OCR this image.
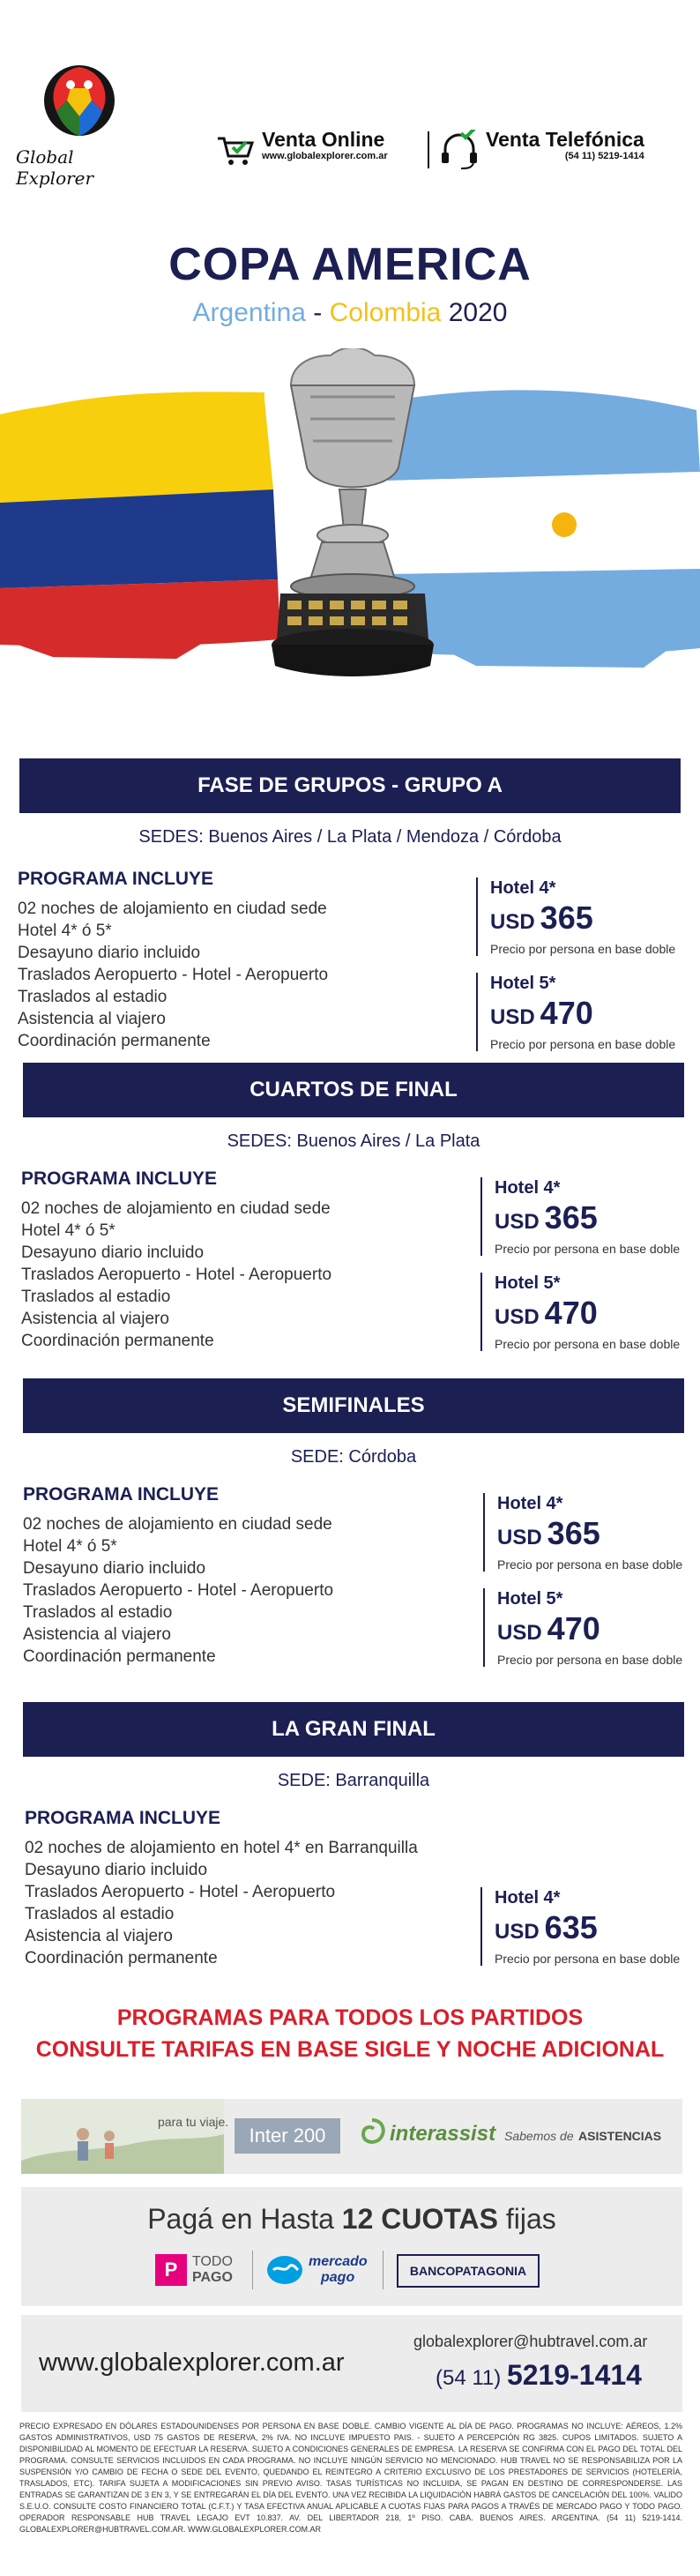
Global Explorer
Venta Online
www.globalexplorer.com.ar
Venta Telefónica
(54 11) 5219-1414
COPA AMERICA
Argentina - Colombia 2020
FASE DE GRUPOS - GRUPO A
SEDES: Buenos Aires / La Plata / Mendoza / Córdoba
PROGRAMA INCLUYE
02 noches de alojamiento en ciudad sede
Hotel 4* ó 5*
Desayuno diario incluido
Traslados Aeropuerto - Hotel - Aeropuerto
Traslados al estadio
Asistencia al viajero
Coordinación permanente
Hotel 4*
USD 365
Precio por persona en base doble
Hotel 5*
USD 470
Precio por persona en base doble
CUARTOS DE FINAL
SEDES: Buenos Aires / La Plata
PROGRAMA INCLUYE
02 noches de alojamiento en ciudad sede
Hotel 4* ó 5*
Desayuno diario incluido
Traslados Aeropuerto - Hotel - Aeropuerto
Traslados al estadio
Asistencia al viajero
Coordinación permanente
Hotel 4*
USD 365
Precio por persona en base doble
Hotel 5*
USD 470
Precio por persona en base doble
SEMIFINALES
SEDE: Córdoba
PROGRAMA INCLUYE
02 noches de alojamiento en ciudad sede
Hotel 4* ó 5*
Desayuno diario incluido
Traslados Aeropuerto - Hotel - Aeropuerto
Traslados al estadio
Asistencia al viajero
Coordinación permanente
Hotel 4*
USD 365
Precio por persona en base doble
Hotel 5*
USD 470
Precio por persona en base doble
LA GRAN FINAL
SEDE: Barranquilla
PROGRAMA INCLUYE
02 noches de alojamiento en hotel 4* en Barranquilla
Desayuno diario incluido
Traslados Aeropuerto - Hotel - Aeropuerto
Traslados al estadio
Asistencia al viajero
Coordinación permanente
Hotel 4*
USD 635
Precio por persona en base doble
PROGRAMAS PARA TODOS LOS PARTIDOS
CONSULTE TARIFAS EN BASE SIGLE Y NOCHE ADICIONAL
para tu viaje.
Inter 200	interassist Sabemos de ASISTENCIAS
Pagá en Hasta 12 CUOTAS fijas
P	TODO
PAGO
mercado
pago	BANCOPATAGONIA
www.globalexplorer.com.ar
globalexplorer@hubtravel.com.ar
(54 11) 5219-1414
PRECIO EXPRESADO EN DÓLARES ESTADOUNIDENSES POR PERSONA EN BASE DOBLE. CAMBIO VIGENTE AL DÍA DE PAGO. PROGRAMAS NO INCLUYE: AÉREOS, 1.2% GASTOS ADMINISTRATIVOS, USD 75 GASTOS DE RESERVA, 2% IVA. NO INCLUYE IMPUESTO PAIS. - SUJETO A PERCEPCIÓN RG 3825. CUPOS LIMITADOS. SUJETO A DISPONIBILIDAD AL MOMENTO DE EFECTUAR LA RESERVA. SUJETO A CONDICIONES GENERALES DE EMPRESA. LA RESERVA SE CONFIRMA CON EL PAGO DEL TOTAL DEL PROGRAMA. CONSULTE SERVICIOS INCLUIDOS EN CADA PROGRAMA. NO INCLUYE NINGÚN SERVICIO NO MENCIONADO. HUB TRAVEL NO SE RESPONSABILIZA POR LA SUSPENSIÓN Y/O CAMBIO DE FECHA O SEDE DEL EVENTO, QUEDANDO EL REINTEGRO A CRITERIO EXCLUSIVO DE LOS PRESTADORES DE SERVICIOS (HOTELERÍA, TRASLADOS, ETC). TARIFA SUJETA A MODIFICACIONES SIN PREVIO AVISO. TASAS TURÍSTICAS NO INCLUIDA, SE PAGAN EN DESTINO DE CORRESPONDERSE. LAS ENTRADAS SE GARANTIZAN DE 3 EN 3, Y SE ENTREGARÁN EL DÍA DEL EVENTO. UNA VEZ RECIBIDA LA LIQUIDACIÓN HABRÁ GASTOS DE CANCELACIÓN DEL 100%. VALIDO S.E.U.O. CONSULTE COSTO FINANCIERO TOTAL (C.F.T.) Y TASA EFECTIVA ANUAL APLICABLE A CUOTAS FIJAS PARA PAGOS A TRAVÉS DE MERCADO PAGO Y TODO PAGO. OPERADOR RESPONSABLE HUB TRAVEL LEGAJO EVT 10.837. AV. DEL LIBERTADOR 218, 1º PISO. CABA. BUENOS AIRES. ARGENTINA. (54 11) 5219-1414. GLOBALEXPLORER@HUBTRAVEL.COM.AR. WWW.GLOBALEXPLORER.COM.AR
